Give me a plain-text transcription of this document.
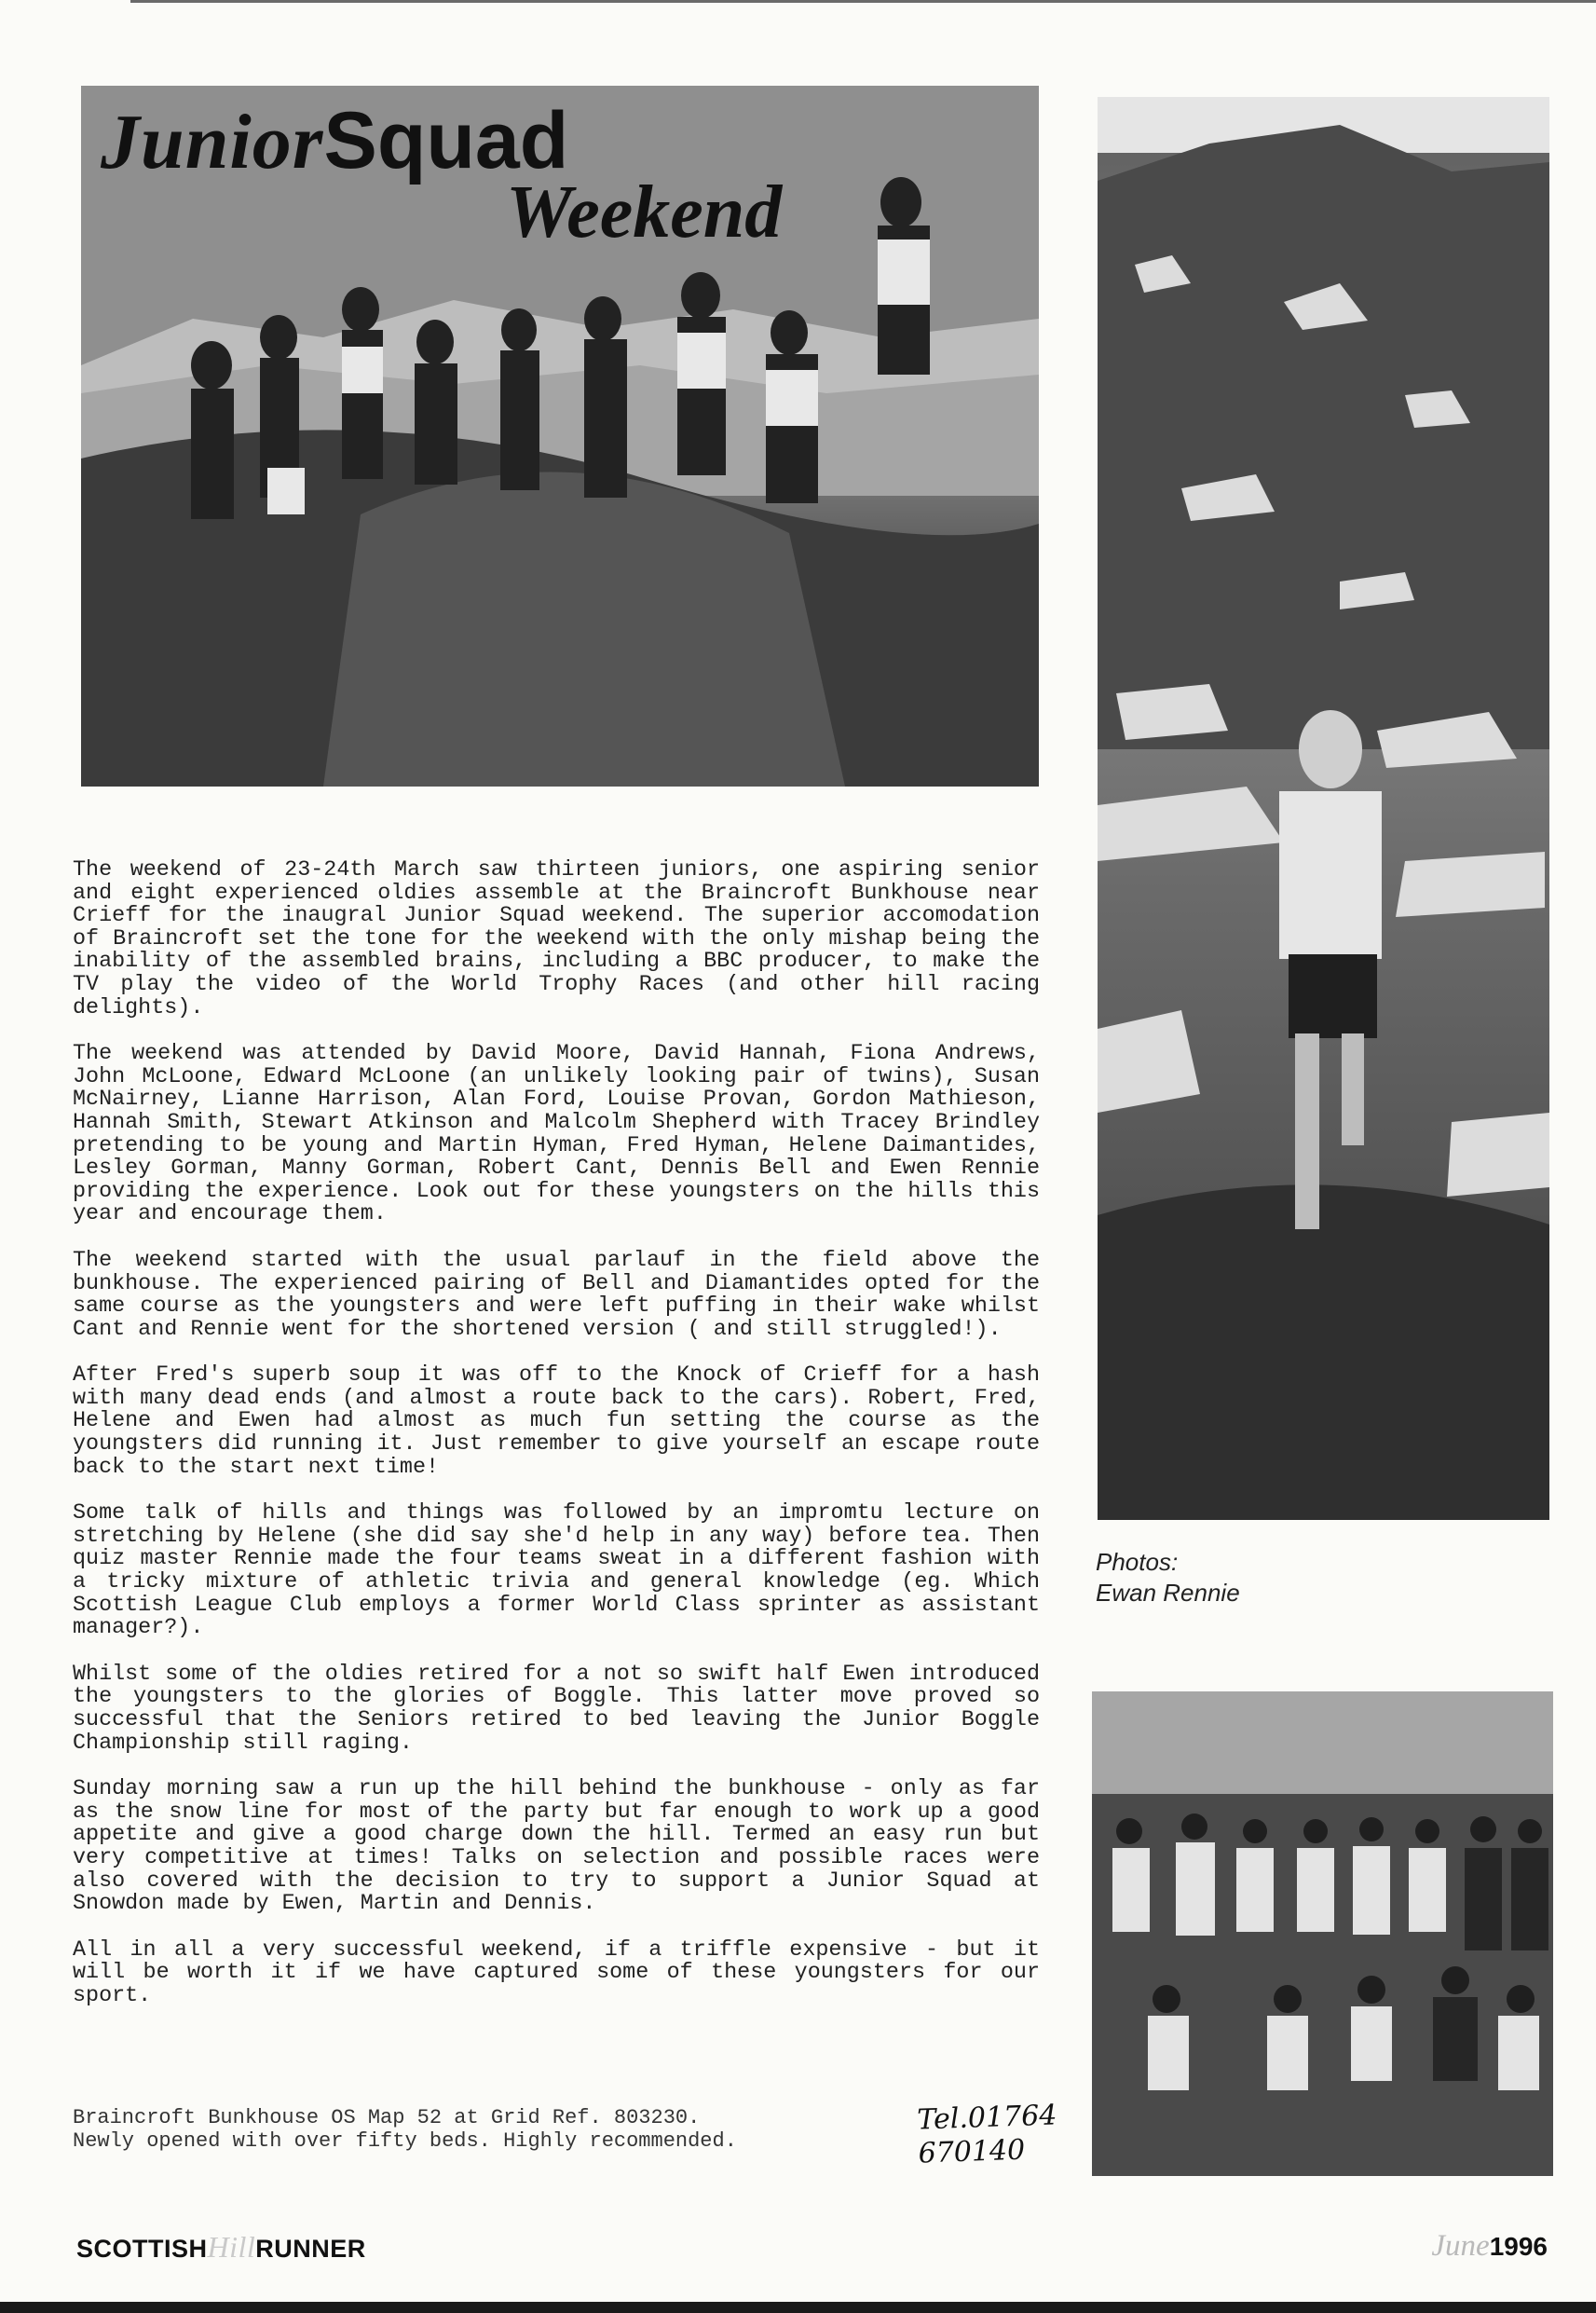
JuniorSquad
Weekend
Photos:
Ewan Rennie

The weekend of 23-24th March saw thirteen juniors, one aspiring senior and eight experienced oldies assemble at the Braincroft Bunkhouse near Crieff for the inaugral Junior Squad weekend. The superior accomodation of Braincroft set the tone for the weekend with the only mishap being the inability of the assembled brains, including a BBC producer, to make the TV play the video of the World Trophy Races (and other hill racing delights).

The weekend was attended by David Moore, David Hannah, Fiona Andrews, John McLoone, Edward McLoone (an unlikely looking pair of twins), Susan McNairney, Lianne Harrison, Alan Ford, Louise Provan, Gordon Mathieson, Hannah Smith, Stewart Atkinson and Malcolm Shepherd with Tracey Brindley pretending to be young and Martin Hyman, Fred Hyman, Helene Daimantides, Lesley Gorman, Manny Gorman, Robert Cant, Dennis Bell and Ewen Rennie providing the experience. Look out for these youngsters on the hills this year and encourage them.

The weekend started with the usual parlauf in the field above the bunkhouse. The experienced pairing of Bell and Diamantides opted for the same course as the youngsters and were left puffing in their wake whilst Cant and Rennie went for the shortened version ( and still struggled!).

After Fred's superb soup it was off to the Knock of Crieff for a hash with many dead ends (and almost a route back to the cars). Robert, Fred, Helene and Ewen had almost as much fun setting the course as the youngsters did running it. Just remember to give yourself an escape route back to the start next time!

Some talk of hills and things was followed by an impromtu lecture on stretching by Helene (she did say she'd help in any way) before tea. Then quiz master Rennie made the four teams sweat in a different fashion with a tricky mixture of athletic trivia and general knowledge (eg. Which Scottish League Club employs a former World Class sprinter as assistant manager?).

Whilst some of the oldies retired for a not so swift half Ewen introduced the youngsters to the glories of Boggle. This latter move proved so successful that the Seniors retired to bed leaving the Junior Boggle Championship still raging.

Sunday morning saw a run up the hill behind the bunkhouse - only as far as the snow line for most of the party but far enough to work up a good appetite and give a good charge down the hill. Termed an easy run but very competitive at times! Talks on selection and possible races were also covered with the decision to try to support a Junior Squad at Snowdon made by Ewen, Martin and Dennis.

All in all a very successful weekend, if a triffle expensive - but it will be worth it if we have captured some of these youngsters for our sport.

Braincroft Bunkhouse OS Map 52 at Grid Ref. 803230.
Newly opened with over fifty beds. Highly recommended.
Tel.01764
670140
SCOTTISHHillRUNNER	June1996
